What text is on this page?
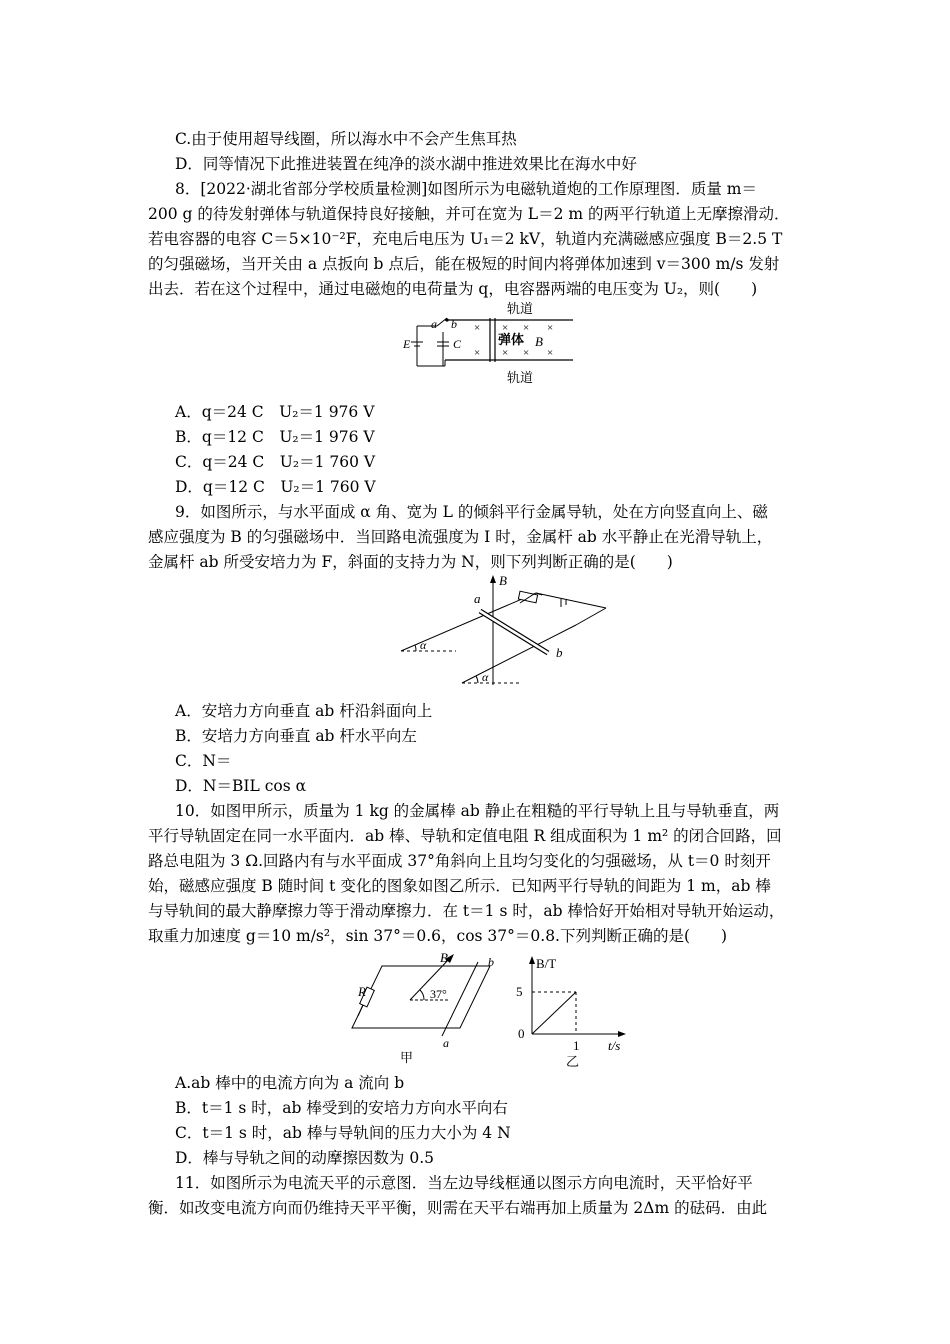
C.由于使用超导线圈，所以海水中不会产生焦耳热
D．同等情况下此推进装置在纯净的淡水湖中推进效果比在海水中好
8．[2022·湖北省部分学校质量检测]如图所示为电磁轨道炮的工作原理图．质量 m＝
200 g 的待发射弹体与轨道保持良好接触，并可在宽为 L＝2 m 的两平行轨道上无摩擦滑动．
若电容器的电容 C＝5×10⁻²F，充电后电压为 U₁＝2 kV，轨道内充满磁感应强度 B＝2.5 T
的匀强磁场，当开关由 a 点扳向 b 点后，能在极短的时间内将弹体加速到 v＝300 m/s 发射
出去．若在这个过程中，通过电磁炮的电荷量为 q，电容器两端的电压变为 U₂，则(　　)
轨道
轨道
弹体 B
× × ×
× × ×
×
×
a b
E	C
A．q＝24 C　U₂＝1 976 V
B．q＝12 C　U₂＝1 976 V
C．q＝24 C　U₂＝1 760 V
D．q＝12 C　U₂＝1 760 V
9．如图所示，与水平面成 α 角、宽为 L 的倾斜平行金属导轨，处在方向竖直向上、磁
感应强度为 B 的匀强磁场中．当回路电流强度为 I 时，金属杆 ab 水平静止在光滑导轨上，
金属杆 ab 所受安培力为 F，斜面的支持力为 N，则下列判断正确的是(　　)
B
a
b
α
α
A．安培力方向垂直 ab 杆沿斜面向上
B．安培力方向垂直 ab 杆水平向左
C．N＝
D．N＝BIL cos α
10．如图甲所示，质量为 1 kg 的金属棒 ab 静止在粗糙的平行导轨上且与导轨垂直，两
平行导轨固定在同一水平面内．ab 棒、导轨和定值电阻 R 组成面积为 1 m² 的闭合回路，回
路总电阻为 3 Ω.回路内有与水平面成 37°角斜向上且均匀变化的匀强磁场，从 t＝0 时刻开
始，磁感应强度 B 随时间 t 变化的图象如图乙所示．已知两平行导轨的间距为 1 m，ab 棒
与导轨间的最大静摩擦力等于滑动摩擦力．在 t＝1 s 时，ab 棒恰好开始相对导轨开始运动，
取重力加速度 g＝10 m/s²，sin 37°＝0.6，cos 37°＝0.8.下列判断正确的是(　　)
R
b
a
37°
B
甲
B/T
5
0
1 t/s
乙
A.ab 棒中的电流方向为 a 流向 b
B．t＝1 s 时，ab 棒受到的安培力方向水平向右
C．t＝1 s 时，ab 棒与导轨间的压力大小为 4 N
D．棒与导轨之间的动摩擦因数为 0.5
11．如图所示为电流天平的示意图．当左边导线框通以图示方向电流时，天平恰好平
衡．如改变电流方向而仍维持天平平衡，则需在天平右端再加上质量为 2Δm 的砝码．由此
